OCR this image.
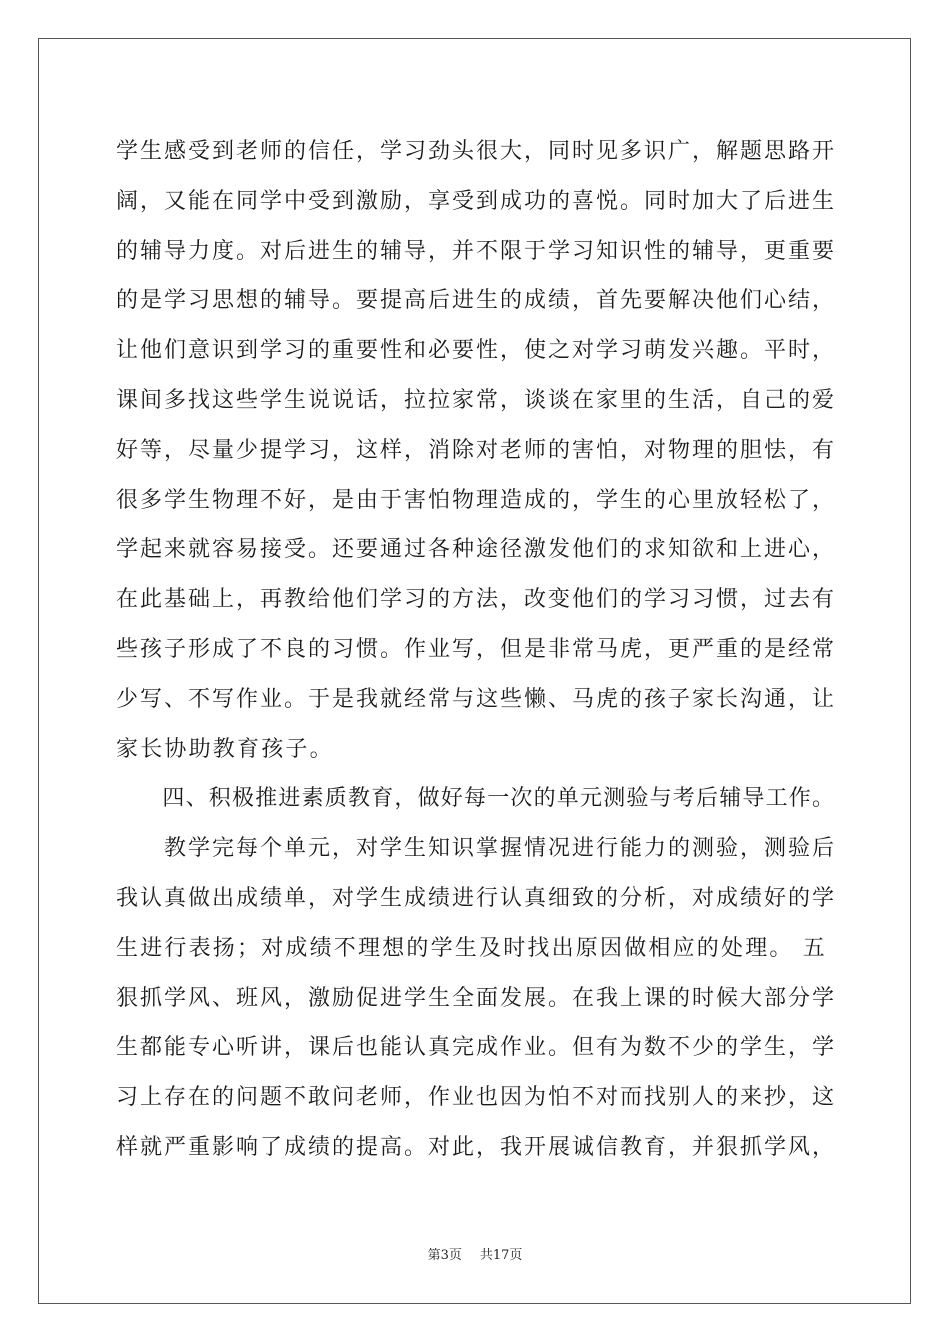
学生感受到老师的信任，学习劲头很大，同时见多识广，解题思路开
阔，又能在同学中受到激励，享受到成功的喜悦。同时加大了后进生
的辅导力度。对后进生的辅导，并不限于学习知识性的辅导，更重要
的是学习思想的辅导。要提高后进生的成绩，首先要解决他们心结，
让他们意识到学习的重要性和必要性，使之对学习萌发兴趣。平时，
课间多找这些学生说说话，拉拉家常，谈谈在家里的生活，自己的爱
好等，尽量少提学习，这样，消除对老师的害怕，对物理的胆怯，有
很多学生物理不好，是由于害怕物理造成的，学生的心里放轻松了，
学起来就容易接受。还要通过各种途径激发他们的求知欲和上进心，
在此基础上，再教给他们学习的方法，改变他们的学习习惯，过去有
些孩子形成了不良的习惯。作业写，但是非常马虎，更严重的是经常
少写、不写作业。于是我就经常与这些懒、马虎的孩子家长沟通，让
家长协助教育孩子。
　　四、积极推进素质教育，做好每一次的单元测验与考后辅导工作。
　　教学完每个单元，对学生知识掌握情况进行能力的测验，测验后
我认真做出成绩单，对学生成绩进行认真细致的分析，对成绩好的学
生进行表扬；对成绩不理想的学生及时找出原因做相应的处理。 五
狠抓学风、班风，激励促进学生全面发展。在我上课的时候大部分学
生都能专心听讲，课后也能认真完成作业。但有为数不少的学生，学
习上存在的问题不敢问老师，作业也因为怕不对而找别人的来抄，这
样就严重影响了成绩的提高。对此，我开展诚信教育，并狠抓学风，
第3页 共17页
